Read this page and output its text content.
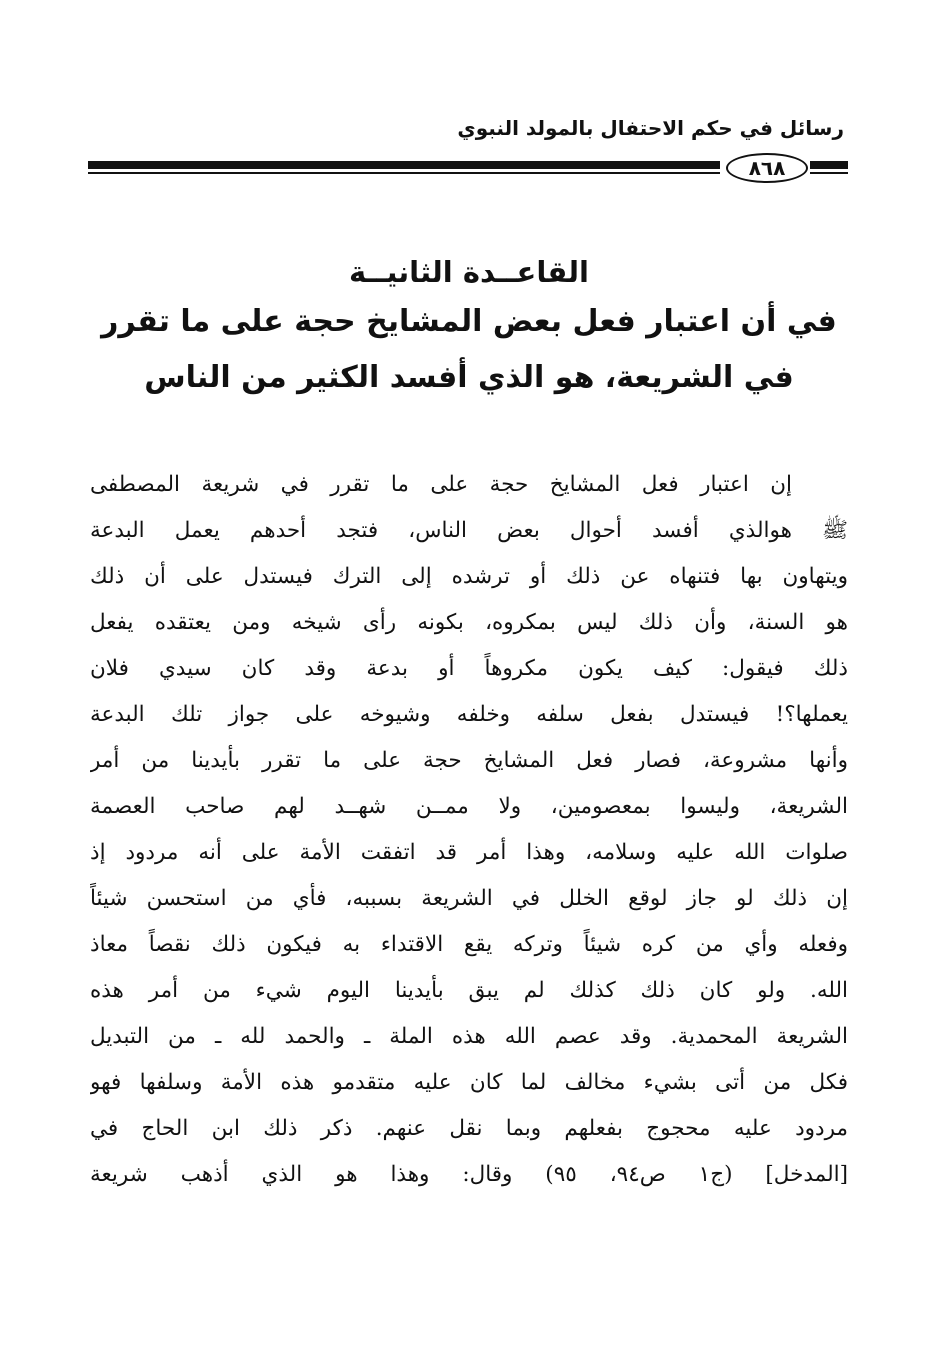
رسائل في حكم الاحتفال بالمولد النبوي
٨٦٨

القاعــدة الثانيــة

في أن اعتبار فعل بعض المشايخ حجة على ما تقرر

في الشريعة، هو الذي أفسد الكثير من الناس

إن اعتبار فعل المشايخ حجة على ما تقرر في شريعة المصطفى
ﷺ هوالذي أفسد أحوال بعض الناس، فتجد أحدهم يعمل البدعة
ويتهاون بها فتنهاه عن ذلك أو ترشده إلى الترك فيستدل على أن ذلك
هو السنة، وأن ذلك ليس بمكروه، بكونه رأى شيخه ومن يعتقده يفعل
ذلك فيقول: كيف يكون مكروهاً أو بدعة وقد كان سيدي فلان
يعملها؟! فيستدل بفعل سلفه وخلفه وشيوخه على جواز تلك البدعة
وأنها مشروعة، فصار فعل المشايخ حجة على ما تقرر بأيدينا من أمر
الشريعة، وليسوا بمعصومين، ولا ممــن شهــد لهم صاحب العصمة
صلوات الله عليه وسلامه، وهذا أمر قد اتفقت الأمة على أنه مردود إذ
إن ذلك لو جاز لوقع الخلل في الشريعة بسببه، فأي من استحسن شيئاً
وفعله وأي من كره شيئاً وتركه يقع الاقتداء به فيكون ذلك نقصاً معاذ
الله. ولو كان ذلك كذلك لم يبق بأيدينا اليوم شيء من أمر هذه
الشريعة المحمدية. وقد عصم الله هذه الملة ـ والحمد لله ـ من التبديل
فكل من أتى بشيء مخالف لما كان عليه متقدمو هذه الأمة وسلفها فهو
مردود عليه محجوج بفعلهم وبما نقل عنهم. ذكر ذلك ابن الحاج في
[المدخل] (ج١ ص٩٤، ٩٥) وقال: وهذا هو الذي أذهب شريعة
